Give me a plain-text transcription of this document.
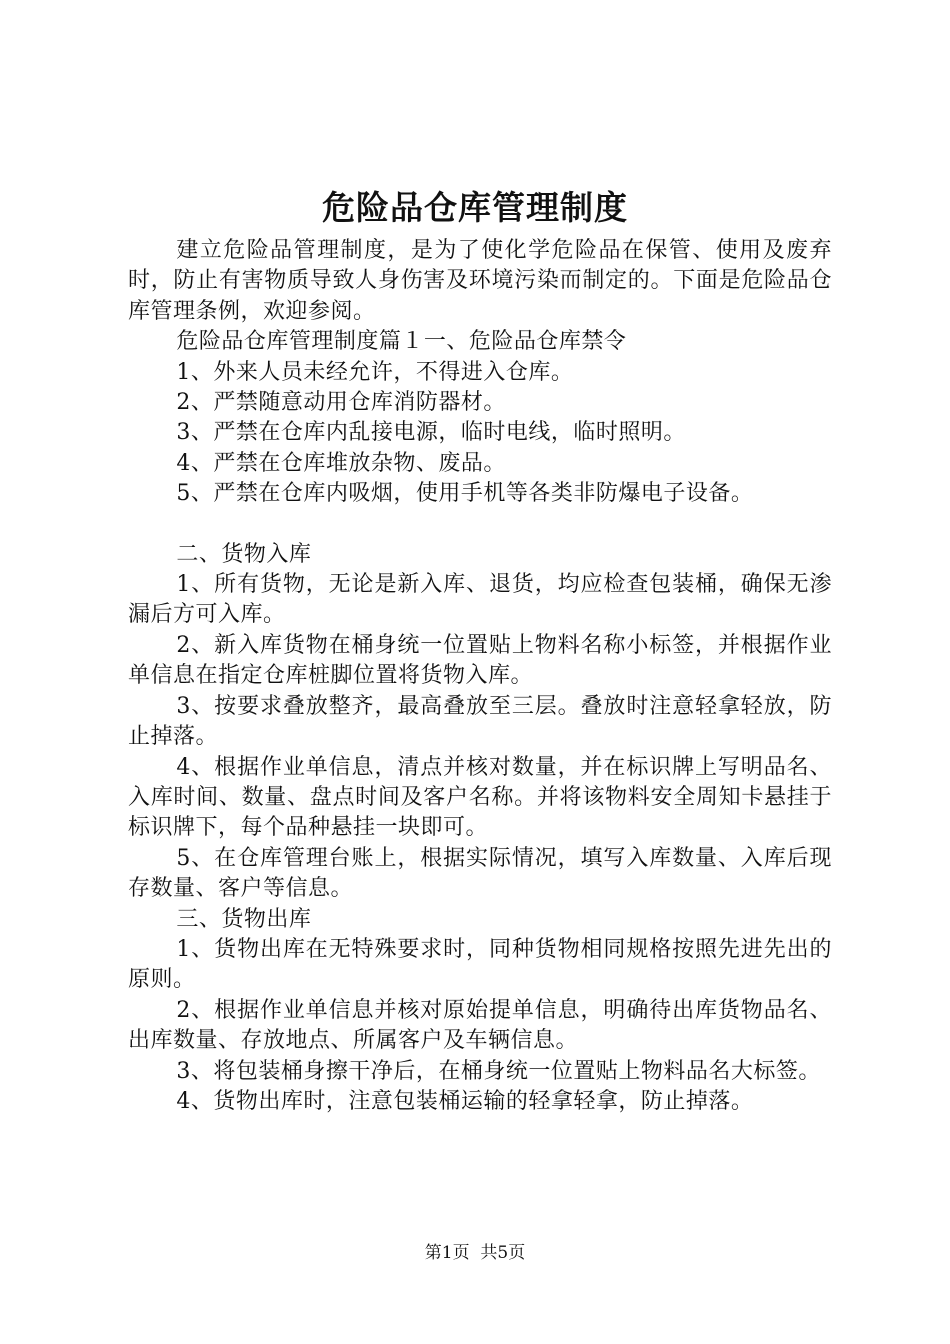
危险品仓库管理制度

建立危险品管理制度，是为了使化学危险品在保管、使用及废弃时，防止有害物质导致人身伤害及环境污染而制定的。下面是危险品仓库管理条例，欢迎参阅。

危险品仓库管理制度篇１一、危险品仓库禁令

1、外来人员未经允许，不得进入仓库。

2、严禁随意动用仓库消防器材。

3、严禁在仓库内乱接电源，临时电线，临时照明。

4、严禁在仓库堆放杂物、废品。

5、严禁在仓库内吸烟，使用手机等各类非防爆电子设备。

二、货物入库

1、所有货物，无论是新入库、退货，均应检查包装桶，确保无渗漏后方可入库。

2、新入库货物在桶身统一位置贴上物料名称小标签，并根据作业单信息在指定仓库桩脚位置将货物入库。

3、按要求叠放整齐，最高叠放至三层。叠放时注意轻拿轻放，防止掉落。

4、根据作业单信息，清点并核对数量，并在标识牌上写明品名、入库时间、数量、盘点时间及客户名称。并将该物料安全周知卡悬挂于标识牌下，每个品种悬挂一块即可。

5、在仓库管理台账上，根据实际情况，填写入库数量、入库后现存数量、客户等信息。

三、货物出库

1、货物出库在无特殊要求时，同种货物相同规格按照先进先出的原则。

2、根据作业单信息并核对原始提单信息，明确待出库货物品名、出库数量、存放地点、所属客户及车辆信息。

3、将包装桶身擦干净后，在桶身统一位置贴上物料品名大标签。

4、货物出库时，注意包装桶运输的轻拿轻拿，防止掉落。

第1页 共5页
